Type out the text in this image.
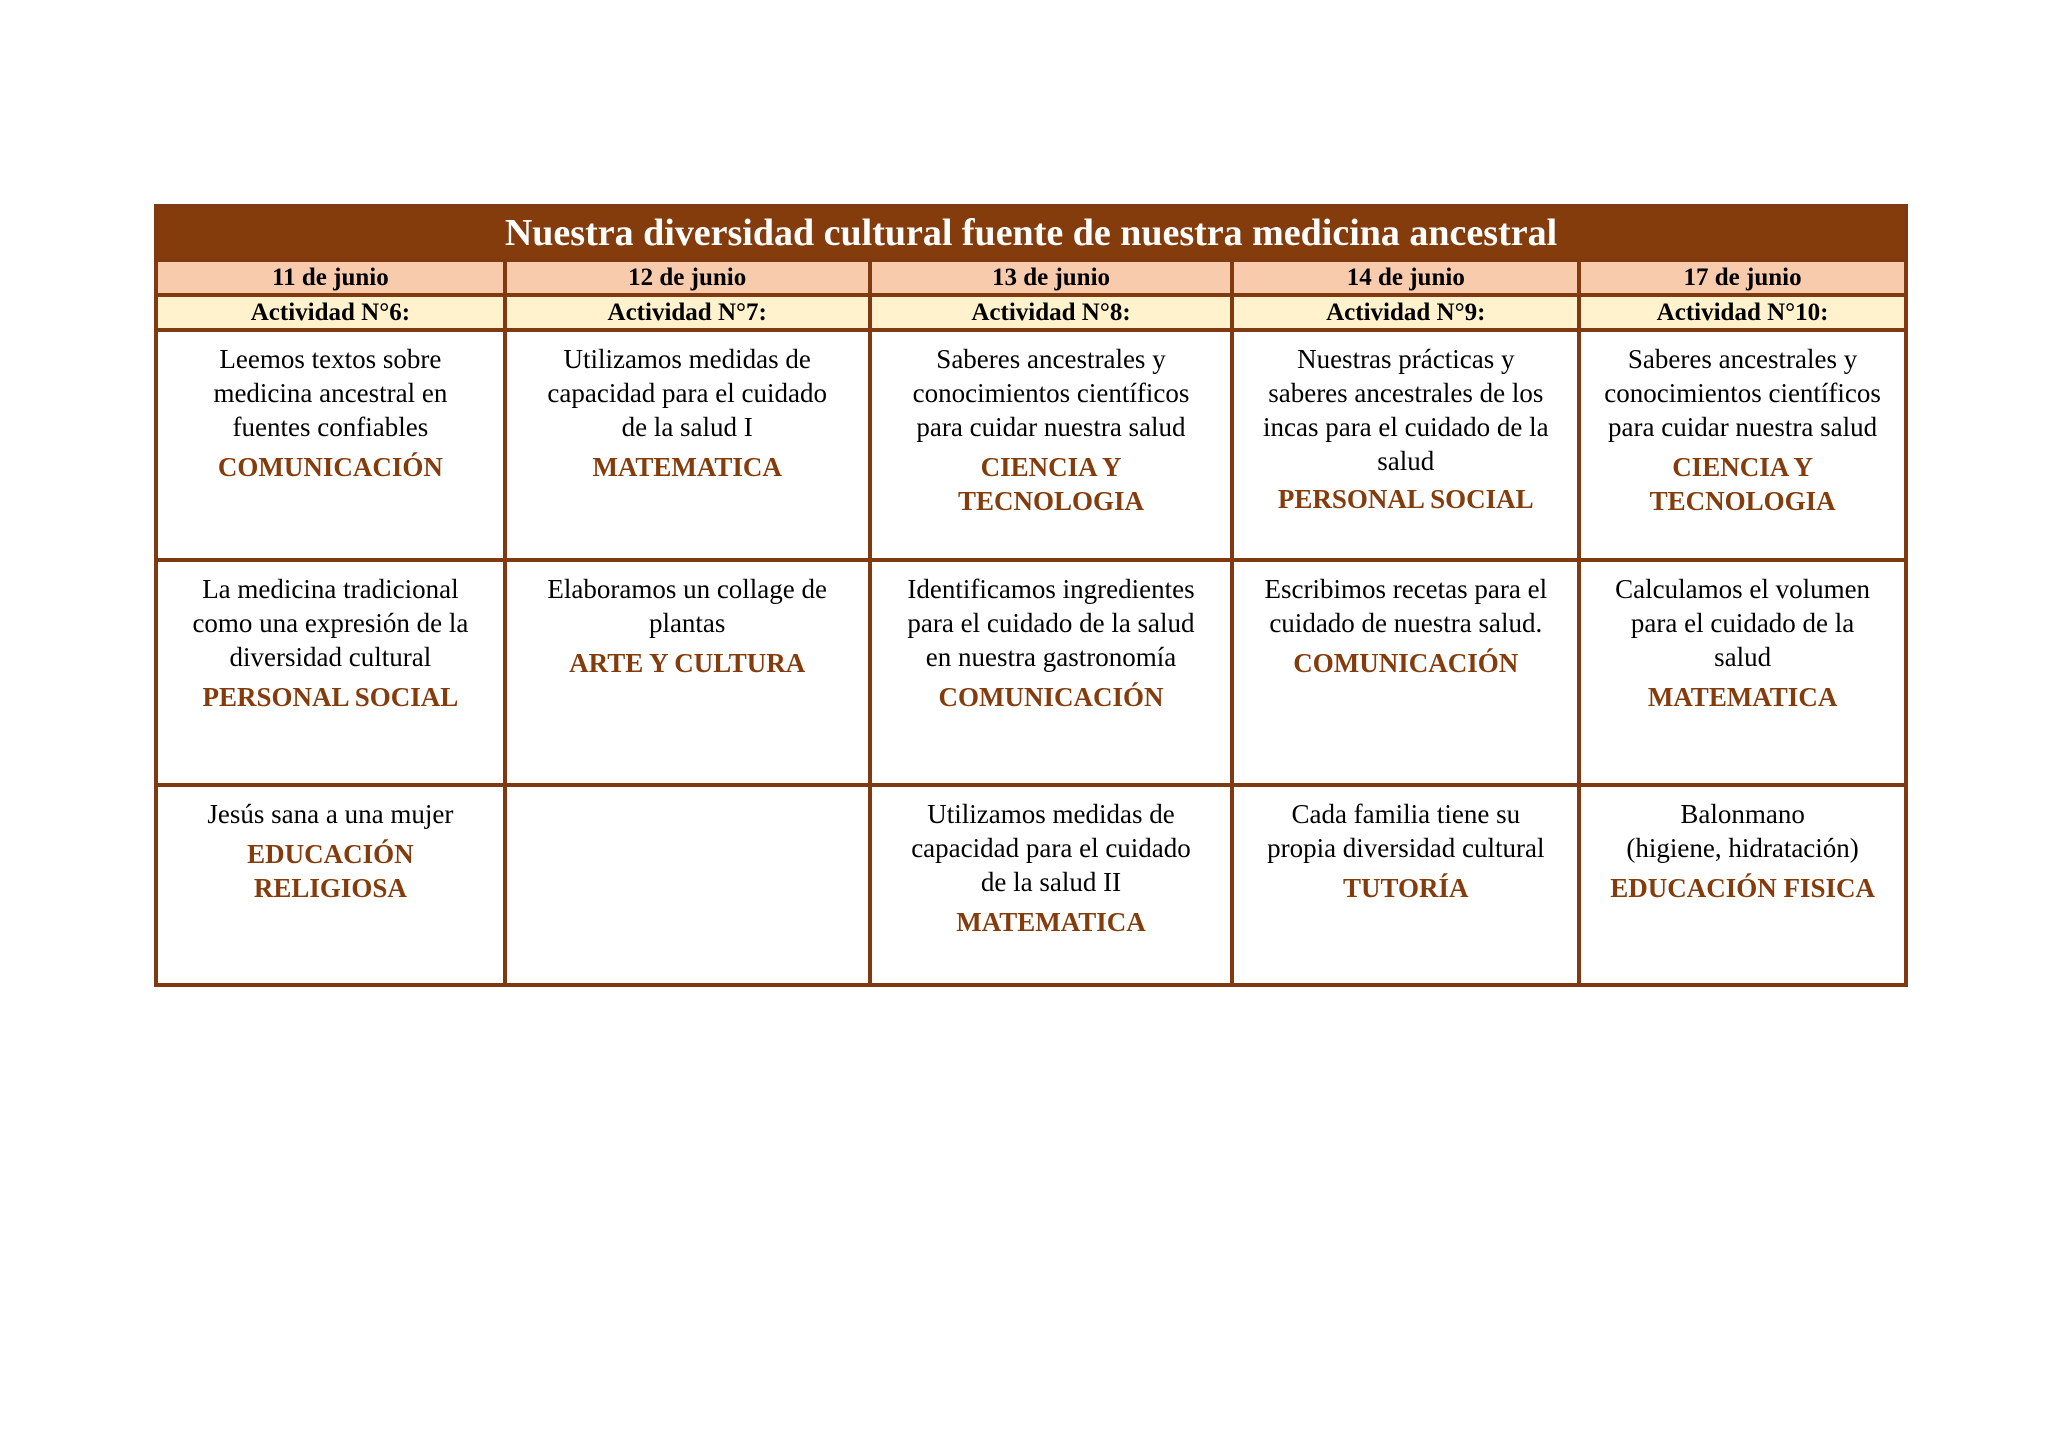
Nuestra diversidad cultural fuente de nuestra medicina ancestral				
11 de junio	12 de junio	13 de junio	14 de junio	17 de junio
Actividad N°6:	Actividad N°7:	Actividad N°8:	Actividad N°9:	Actividad N°10:

Leemos textos sobre
medicina ancestral en
fuentes confiables
COMUNICACIÓN	Utilizamos medidas de
capacidad para el cuidado
de la salud I
MATEMATICA	Saberes ancestrales y
conocimientos científicos
para cuidar nuestra salud
CIENCIA Y
TECNOLOGIA	Nuestras prácticas y
saberes ancestrales de los
incas para el cuidado de la
salud
PERSONAL SOCIAL	Saberes ancestrales y
conocimientos científicos
para cuidar nuestra salud
CIENCIA Y
TECNOLOGIA

La medicina tradicional
como una expresión de la
diversidad cultural
PERSONAL SOCIAL	Elaboramos un collage de
plantas
ARTE Y CULTURA	Identificamos ingredientes
para el cuidado de la salud
en nuestra gastronomía
COMUNICACIÓN	Escribimos recetas para el
cuidado de nuestra salud.
COMUNICACIÓN	Calculamos el volumen
para el cuidado de la
salud
MATEMATICA

Jesús sana a una mujer
EDUCACIÓN
RELIGIOSA		Utilizamos medidas de
capacidad para el cuidado
de la salud II
MATEMATICA	Cada familia tiene su
propia diversidad cultural
TUTORÍA	Balonmano
(higiene, hidratación)
EDUCACIÓN FISICA
